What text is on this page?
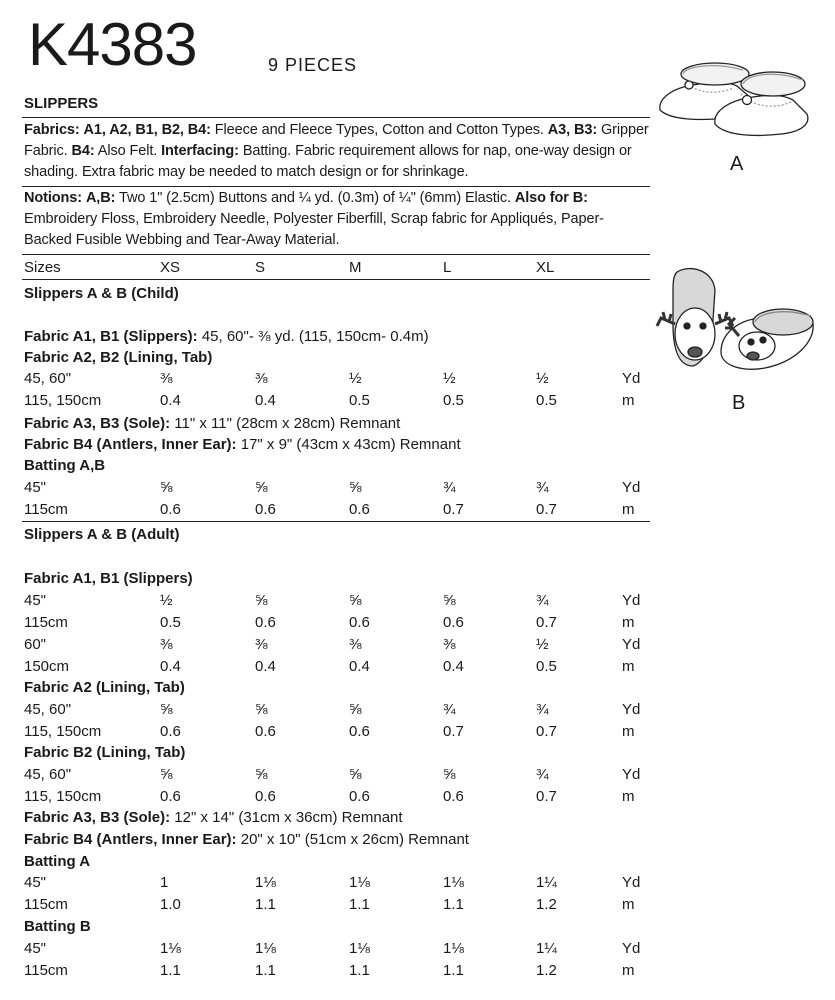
K4383	9 PIECES
SLIPPERS
Fabrics: A1, A2, B1, B2, B4: Fleece and Fleece Types, Cotton and Cotton Types. A3, B3: Gripper Fabric. B4: Also Felt. Interfacing: Batting. Fabric requirement allows for nap, one-way design or shading. Extra fabric may be needed to match design or for shrinkage.
Notions: A,B: Two 1" (2.5cm) Buttons and ¼ yd. (0.3m) of ¼" (6mm) Elastic. Also for B: Embroidery Floss, Embroidery Needle, Polyester Fiberfill, Scrap fabric for Appliqués, Paper-Backed Fusible Webbing and Tear-Away Material.
Sizes	XS	S	M	L	XL
Slippers A & B (Child)
Fabric A1, B1 (Slippers): 45, 60"- ⅜ yd. (115, 150cm- 0.4m)
Fabric A2, B2 (Lining, Tab)
45, 60"	⅜	⅜	½	½	½	Yd
115, 150cm	0.4	0.4	0.5	0.5	0.5	m
Fabric A3, B3 (Sole): 11" x 11" (28cm x 28cm) Remnant
Fabric B4 (Antlers, Inner Ear): 17" x 9" (43cm x 43cm) Remnant
Batting A,B
45"	⅝	⅝	⅝	¾	¾	Yd
115cm	0.6	0.6	0.6	0.7	0.7	m
Slippers A & B (Adult)
Fabric A1, B1 (Slippers)
45"	½	⅝	⅝	⅝	¾	Yd
115cm	0.5	0.6	0.6	0.6	0.7	m
60"	⅜	⅜	⅜	⅜	½	Yd
150cm	0.4	0.4	0.4	0.4	0.5	m
Fabric A2 (Lining, Tab)
45, 60"	⅝	⅝	⅝	¾	¾	Yd
115, 150cm	0.6	0.6	0.6	0.7	0.7	m
Fabric B2 (Lining, Tab)
45, 60"	⅝	⅝	⅝	⅝	¾	Yd
115, 150cm	0.6	0.6	0.6	0.6	0.7	m
Fabric A3, B3 (Sole): 12" x 14" (31cm x 36cm) Remnant
Fabric B4 (Antlers, Inner Ear): 20" x 10" (51cm x 26cm) Remnant
Batting A
45"	1	1⅛	1⅛	1⅛	1¼	Yd
115cm	1.0	1.1	1.1	1.1	1.2	m
Batting B
45"	1⅛	1⅛	1⅛	1⅛	1¼	Yd
115cm	1.1	1.1	1.1	1.1	1.2	m
A
B
